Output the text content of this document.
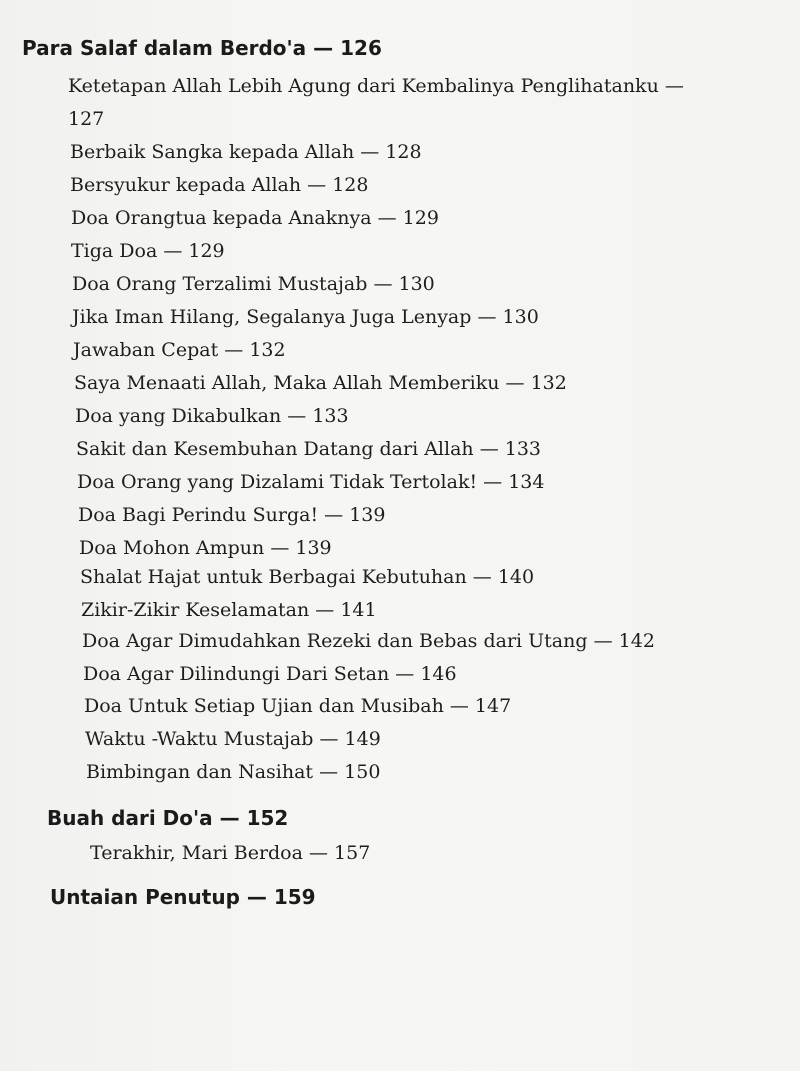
Para Salaf dalam Berdo'a — 126
Ketetapan Allah Lebih Agung dari Kembalinya Penglihatanku —
127
Berbaik Sangka kepada Allah — 128
Bersyukur kepada Allah — 128
Doa Orangtua kepada Anaknya — 129
Tiga Doa — 129
Doa Orang Terzalimi Mustajab — 130
Jika Iman Hilang, Segalanya Juga Lenyap — 130
Jawaban Cepat — 132
Saya Menaati Allah, Maka Allah Memberiku — 132
Doa yang Dikabulkan — 133
Sakit dan Kesembuhan Datang dari Allah — 133
Doa Orang yang Dizalami Tidak Tertolak! — 134
Doa Bagi Perindu Surga! — 139
Doa Mohon Ampun — 139
Shalat Hajat untuk Berbagai Kebutuhan — 140
Zikir-Zikir Keselamatan — 141
Doa Agar Dimudahkan Rezeki dan Bebas dari Utang — 142
Doa Agar Dilindungi Dari Setan — 146
Doa Untuk Setiap Ujian dan Musibah — 147
Waktu -Waktu Mustajab — 149
Bimbingan dan Nasihat — 150
Buah dari Do'a — 152
Terakhir, Mari Berdoa — 157
Untaian Penutup — 159
